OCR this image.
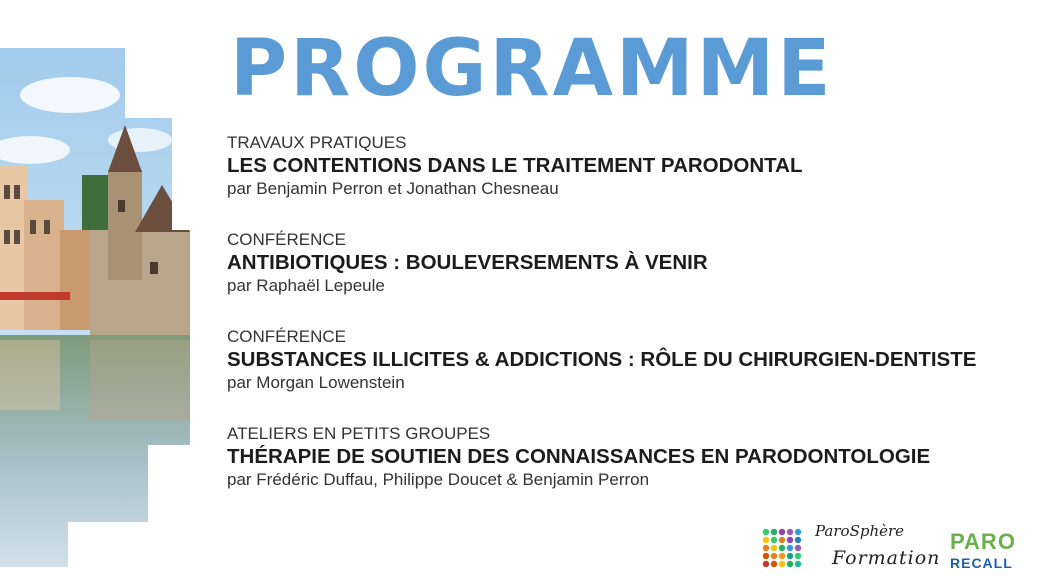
PROGRAMME
TRAVAUX PRATIQUES
LES CONTENTIONS DANS LE TRAITEMENT PARODONTAL
par Benjamin Perron et Jonathan Chesneau
CONFÉRENCE
ANTIBIOTIQUES : BOULEVERSEMENTS À VENIR
par Raphaël Lepeule
CONFÉRENCE
SUBSTANCES ILLICITES & ADDICTIONS : RÔLE DU CHIRURGIEN-DENTISTE
par Morgan Lowenstein
ATELIERS EN PETITS GROUPES
THÉRAPIE DE SOUTIEN DES CONNAISSANCES EN PARODONTOLOGIE
par Frédéric Duffau, Philippe Doucet & Benjamin Perron
ParoSphère
Formation
PARO
RECALL
